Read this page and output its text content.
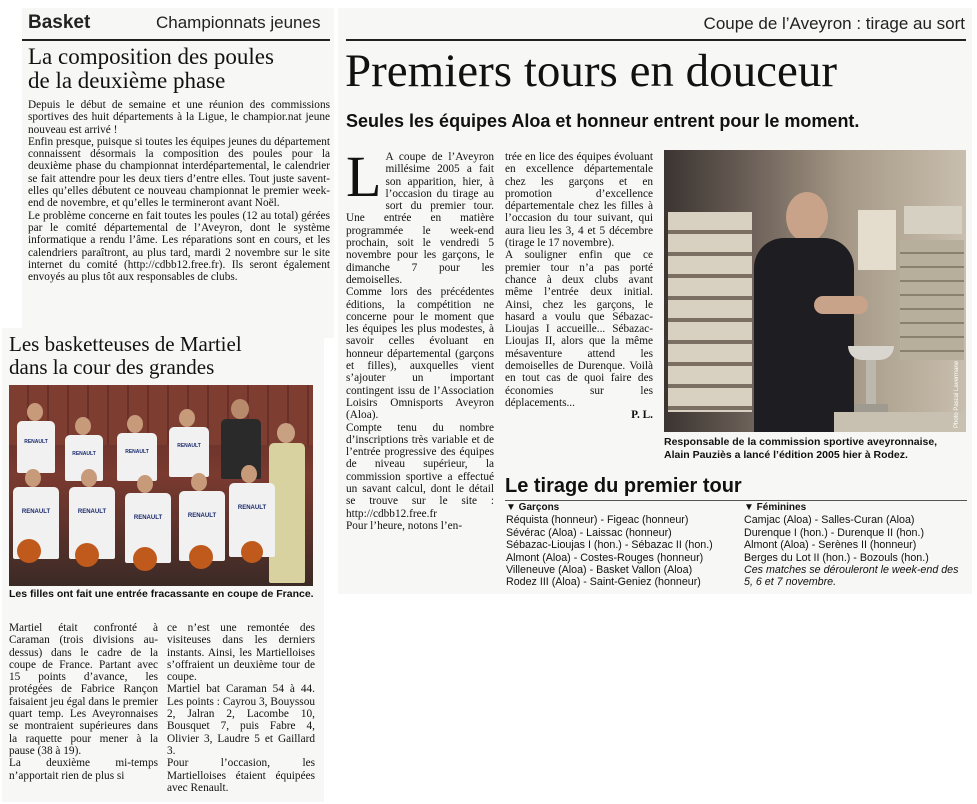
Basket	Championnats jeunes
La composition des poules
de la deuxième phase

Depuis le début de semaine et une réunion des commissions sportives des huit départements à la Ligue, le champior.nat jeune nouveau est arrivé !

Enfin presque, puisque si toutes les équipes jeunes du département connaissent désormais la composition des poules pour la deuxième phase du championnat interdépartemental, le calendrier se fait attendre pour les deux tiers d’entre elles. Tout juste savent-elles qu’elles débutent ce nouveau championnat le premier week-end de novembre, et qu’elles le termineront avant Noël.

Le problème concerne en fait toutes les poules (12 au total) gérées par le comité départemental de l’Aveyron, dont le système informatique a rendu l’âme. Les réparations sont en cours, et les calendriers paraîtront, au plus tard, mardi 2 novembre sur le site internet du comité (http://cdbb12.free.fr). Ils seront également envoyés au plus tôt aux responsables de clubs.

Les basketteuses de Martiel
dans la cour des grandes
RENAULT
RENAULT	RENAULT
RENAULT
RENAULT	RENAULT
RENAULT	RENAULT
RENAULT
Les filles ont fait une entrée fracassante en coupe de France.

Martiel était confronté à Caraman (trois divisions au-dessus) dans le cadre de la coupe de France. Partant avec 15 points d’avance, les protégées de Fabrice Rançon faisaient jeu égal dans le premier quart temp. Les Aveyronnaises se montraient supérieures dans la raquette pour mener à la pause (38 à 19).

La deuxième mi-temps n’apportait rien de plus si

ce n’est une remontée des visiteuses dans les derniers instants. Ainsi, les Martielloises s’offraient un deuxième tour de coupe.

Martiel bat Caraman 54 à 44. Les points : Cayrou 3, Bouyssou 2, Jalran 2, Lacombe 10, Bousquet 7, puis Fabre 4, Olivier 3, Laudre 5 et Gaillard 3.

Pour l’occasion, les Martielloises étaient équipées avec Renault.

Coupe de l’Aveyron : tirage au sort
Premiers tours en douceur
Seules les équipes Aloa et honneur entrent pour le moment.
L A coupe de l’Aveyron millésime 2005 a fait son apparition, hier, à l’occasion du tirage au sort du premier tour. Une entrée en matière programmée le week-end prochain, soit le vendredi 5 novembre pour les garçons, le dimanche 7 pour les demoiselles.

Comme lors des précédentes éditions, la compétition ne concerne pour le moment que les équipes les plus modestes, à savoir celles évoluant en honneur départemental (garçons et filles), auxquelles vient s’ajouter un important contingent issu de l’Association Loisirs Omnisports Aveyron (Aloa).

Compte tenu du nombre d’inscriptions très variable et de l’entrée progressive des équipes de niveau supérieur, la commission sportive a effectué un savant calcul, dont le détail se trouve sur le site : http://cdbb12.free.fr

Pour l’heure, notons l’en-

trée en lice des équipes évoluant en excellence départementale chez les garçons et en promotion d’excellence départementale chez les filles à l’occasion du tour suivant, qui aura lieu les 3, 4 et 5 décembre (tirage le 17 novembre).

A souligner enfin que ce premier tour n’a pas porté chance à deux clubs avant même l’entrée deux initial. Ainsi, chez les garçons, le hasard a voulu que Sébazac-Lioujas I accueille... Sébazac-Lioujas II, alors que la même mésaventure attend les demoiselles de Durenque. Voilà en tout cas de quoi faire des économies sur les déplacements...

P. L.	Photo Pascal Lavermane
Responsable de la commission sportive aveyronnaise,
Alain Pauziès a lancé l’édition 2005 hier à Rodez.
Le tirage du premier tour
▼ Garçons
Réquista (honneur) - Figeac (honneur)
Sévérac (Aloa) - Laissac (honneur)
Sébazac-Lioujas I (hon.) - Sébazac II (hon.)
Almont (Aloa) - Costes-Rouges (honneur)
Villeneuve (Aloa) - Basket Vallon (Aloa)
Rodez III (Aloa) - Saint-Geniez (honneur)
▼ Féminines
Camjac (Aloa) - Salles-Curan (Aloa)
Durenque I (hon.) - Durenque II (hon.)
Almont (Aloa) - Serènes II (honneur)
Berges du Lot II (hon.) - Bozouls (hon.)
Ces matches se dérouleront le week-end des 5, 6 et 7 novembre.
